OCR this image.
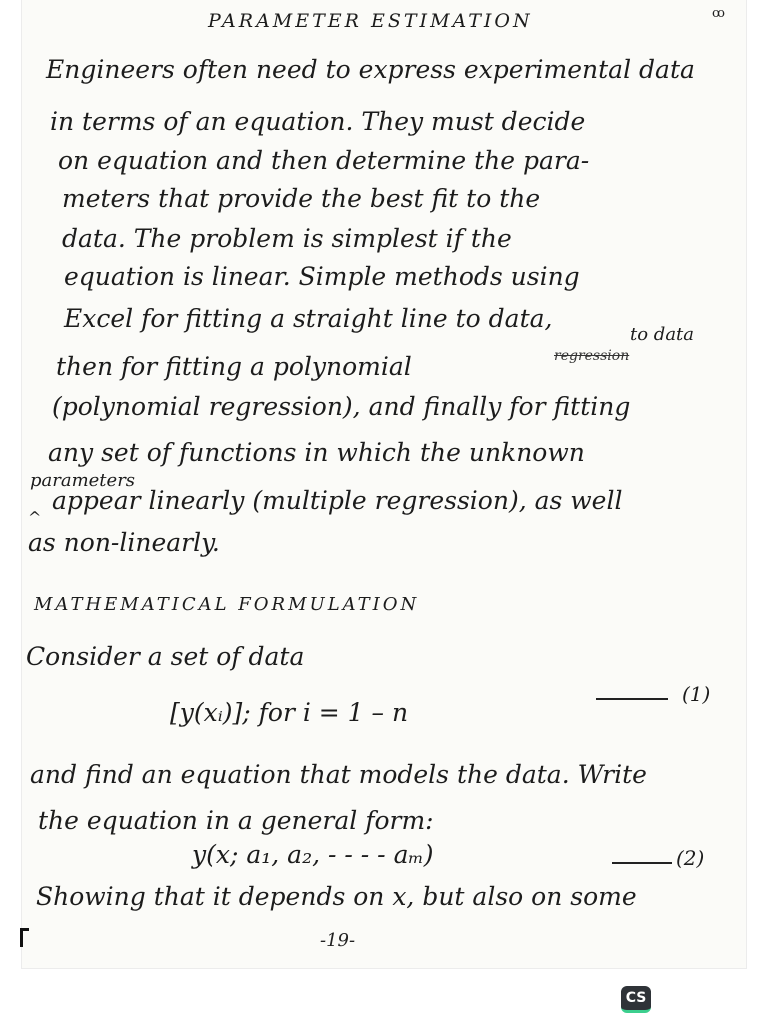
ꝏ
PARAMETER ESTIMATION
Engineers often need to express experimental data
in terms of an equation. They must decide
on equation and then determine the para-
meters that provide the best fit to the
data. The problem is simplest if the
equation is linear. Simple methods using
Excel for fitting a straight line to data,
to data
then for fitting a polynomial	regression
(polynomial regression), and finally for fitting
any set of functions in which the unknown
parameters
^
appear linearly (multiple regression), as well
as non-linearly.
MATHEMATICAL FORMULATION
Consider a set of data
[y(xᵢ)]; for i = 1 – n
(1)
and find an equation that models the data. Write
the equation in a general form:
y(x; a₁, a₂, - - - - aₘ)	(2)
Showing that it depends on x, but also on some
-19-
CS
